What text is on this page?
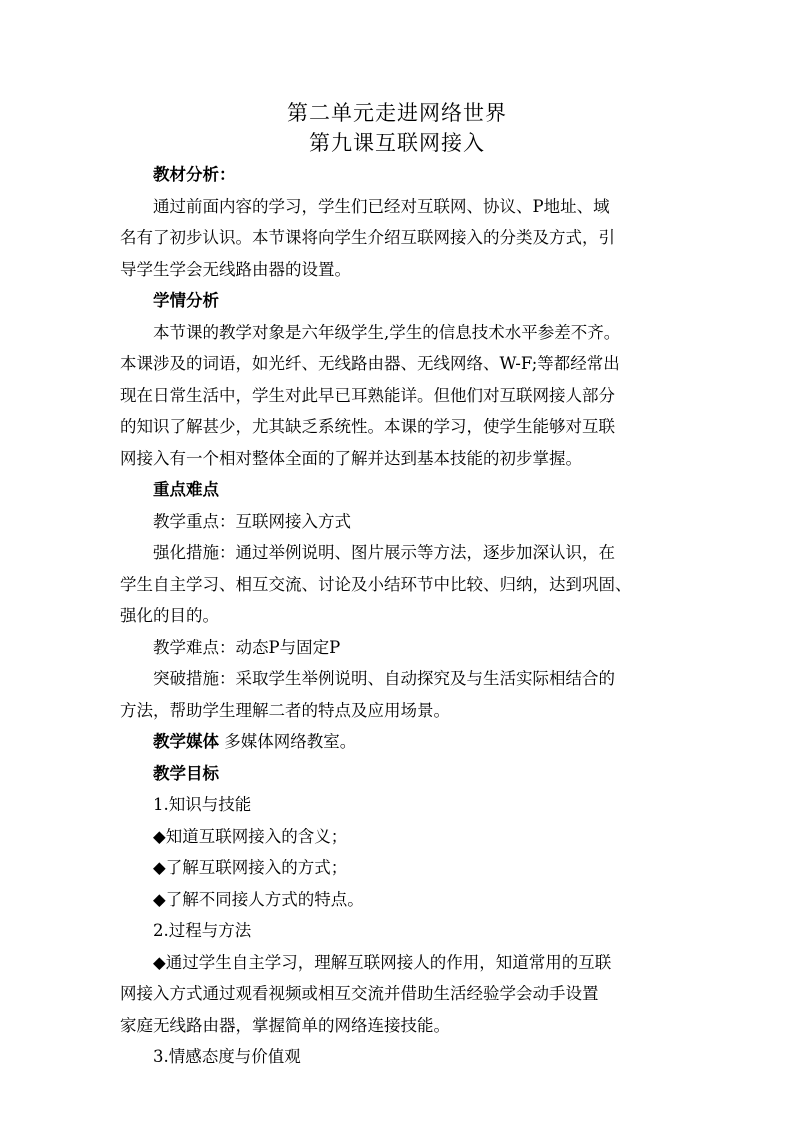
第二单元走进网络世界
第九课互联网接入

教材分析：

通过前面内容的学习，学生们已经对互联网、协议、P地址、域

名有了初步认识。本节课将向学生介绍互联网接入的分类及方式，引

导学生学会无线路由器的设置。

学情分析

本节课的教学对象是六年级学生,学生的信息技术水平参差不齐。

本课涉及的词语，如光纤、无线路由器、无线网络、W-F;等都经常出

现在日常生活中，学生对此早已耳熟能详。但他们对互联网接人部分

的知识了解甚少，尤其缺乏系统性。本课的学习，使学生能够对互联

网接入有一个相对整体全面的了解并达到基本技能的初步掌握。

重点难点

教学重点：互联网接入方式

强化措施：通过举例说明、图片展示等方法，逐步加深认识，在

学生自主学习、相互交流、讨论及小结环节中比较、归纳，达到巩固、

强化的目的。

教学难点：动态P与固定P

突破措施：采取学生举例说明、自动探究及与生活实际相结合的

方法，帮助学生理解二者的特点及应用场景。

教学媒体 多媒体网络教室。

教学目标

1.知识与技能

◆知道互联网接入的含义；

◆了解互联网接入的方式；

◆了解不同接人方式的特点。

2.过程与方法

◆通过学生自主学习，理解互联网接人的作用，知道常用的互联

网接入方式通过观看视频或相互交流并借助生活经验学会动手设置

家庭无线路由器，掌握简单的网络连接技能。

3.情感态度与价值观
